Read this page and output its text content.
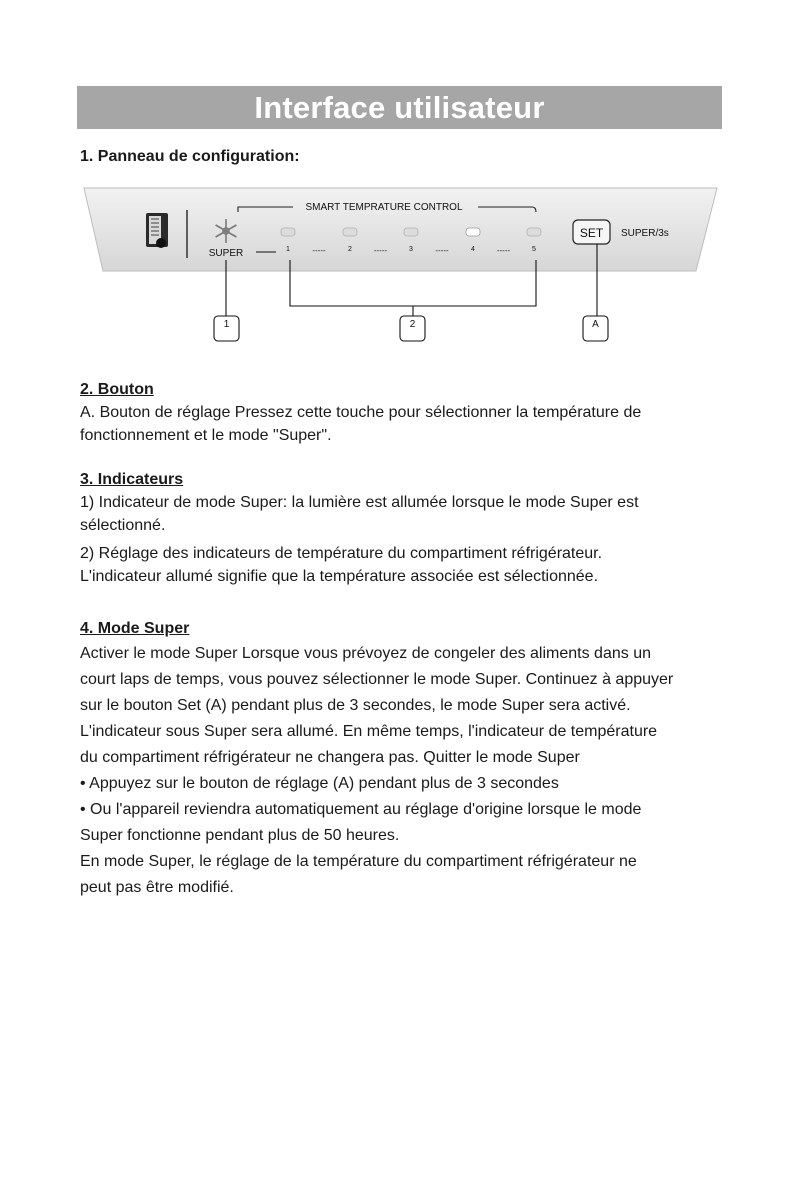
Interface utilisateur
1. Panneau de configuration:
SUPER
SMART TEMPRATURE CONTROL
1	2	3	4	5
-----	-----	-----	-----
SET SUPER/3s
1	2	A
2. Bouton

A. Bouton de réglage Pressez cette touche pour sélectionner la température de

fonctionnement et le mode "Super".

3. Indicateurs

1) Indicateur de mode Super: la lumière est allumée lorsque le mode Super est

sélectionné.

2) Réglage des indicateurs de température du compartiment réfrigérateur.

L'indicateur allumé signifie que la température associée est sélectionnée.

4. Mode Super

Activer le mode Super Lorsque vous prévoyez de congeler des aliments dans un

court laps de temps, vous pouvez sélectionner le mode Super. Continuez à appuyer

sur le bouton Set (A) pendant plus de 3 secondes, le mode Super sera activé.

L'indicateur sous Super sera allumé. En même temps, l'indicateur de température

du compartiment réfrigérateur ne changera pas. Quitter le mode Super

• Appuyez sur le bouton de réglage (A) pendant plus de 3 secondes

• Ou l'appareil reviendra automatiquement au réglage d'origine lorsque le mode

Super fonctionne pendant plus de 50 heures.

En mode Super, le réglage de la température du compartiment réfrigérateur ne

peut pas être modifié.
